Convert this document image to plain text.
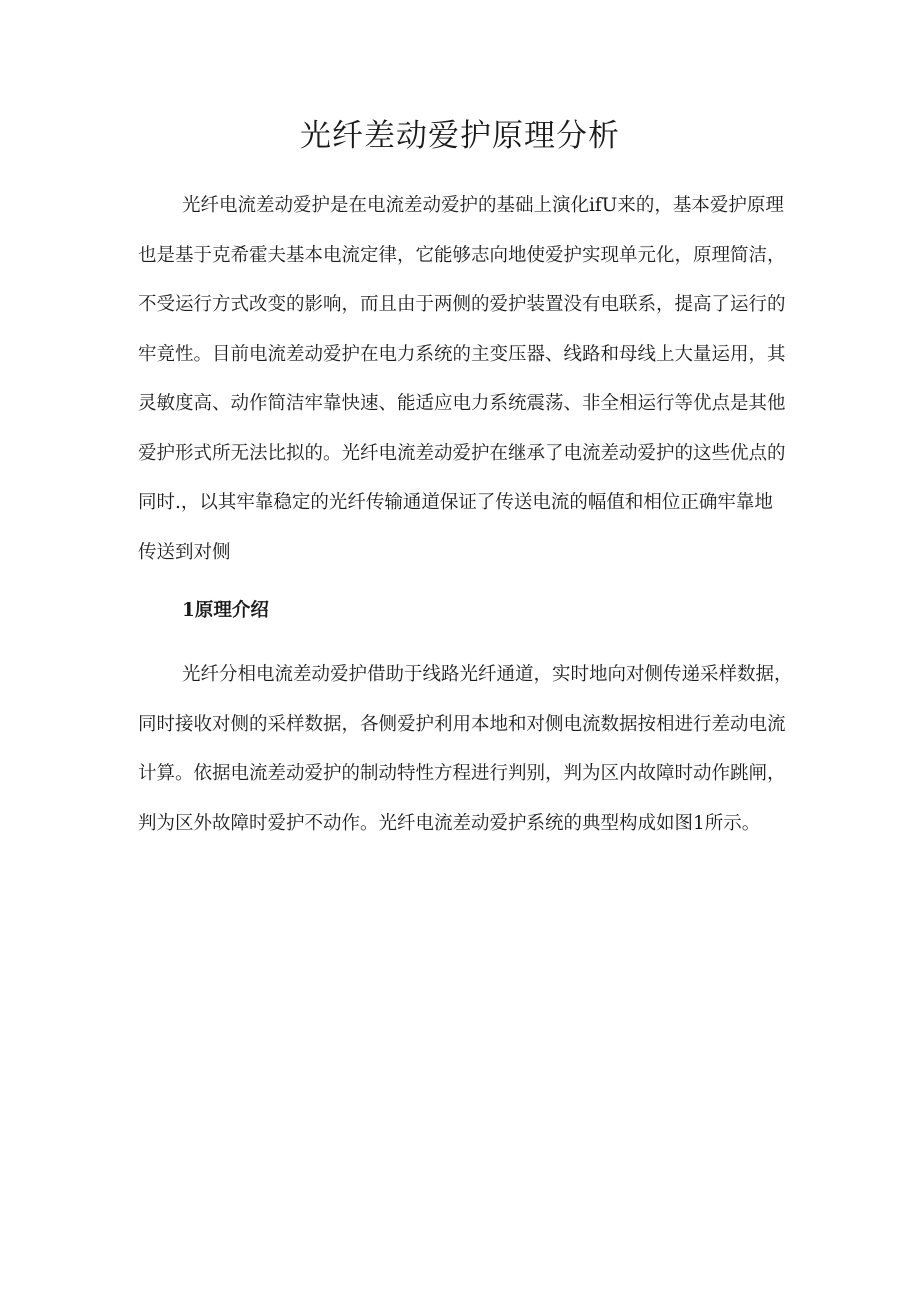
光纤差动爱护原理分析
光纤电流差动爱护是在电流差动爱护的基础上演化ifU来的，基本爱护原理
也是基于克希霍夫基本电流定律，它能够志向地使爱护实现单元化，原理简洁，
不受运行方式改变的影响，而且由于两侧的爱护装置没有电联系，提高了运行的
牢竟性。目前电流差动爱护在电力系统的主变压器、线路和母线上大量运用，其
灵敏度高、动作简洁牢靠快速、能适应电力系统震荡、非全相运行等优点是其他
爱护形式所无法比拟的。光纤电流差动爱护在继承了电流差动爱护的这些优点的
同时.，以其牢靠稳定的光纤传输通道保证了传送电流的幅值和相位正确牢靠地
传送到对侧
1原理介绍
光纤分相电流差动爱护借助于线路光纤通道，实时地向对侧传递采样数据，
同时接收对侧的采样数据，各侧爱护利用本地和对侧电流数据按相进行差动电流
计算。依据电流差动爱护的制动特性方程进行判别，判为区内故障时动作跳闸，
判为区外故障时爱护不动作。光纤电流差动爱护系统的典型构成如图1所示。
